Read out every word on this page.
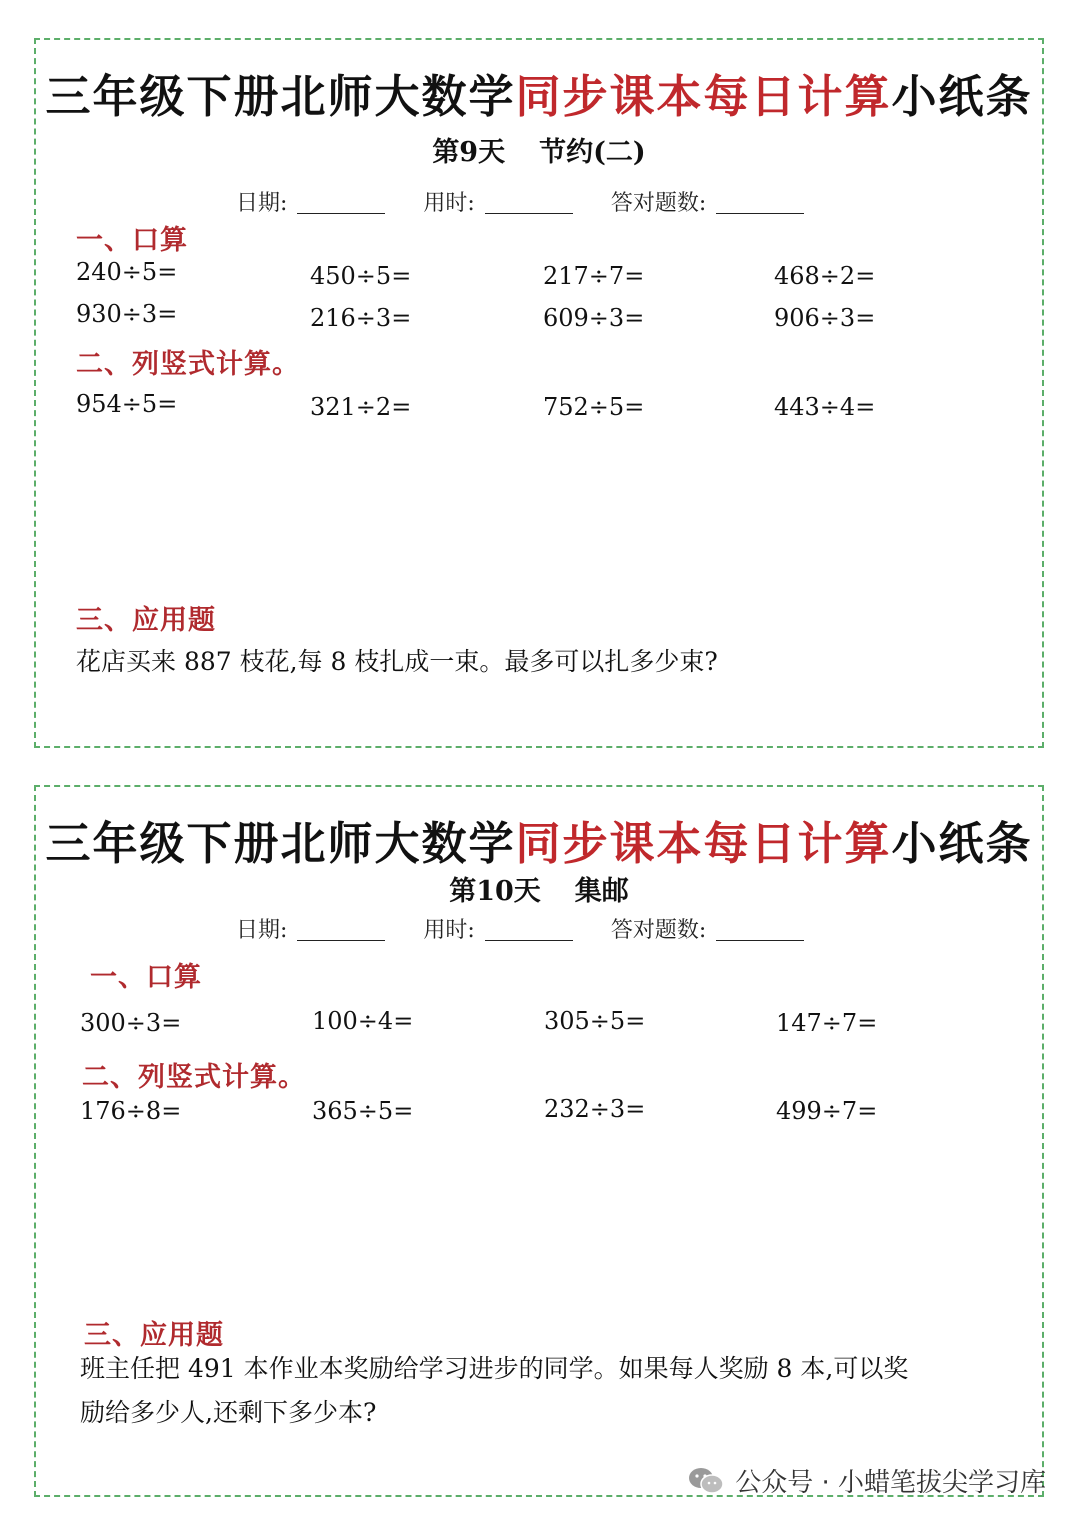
三年级下册北师大数学同步课本每日计算小纸条
第9天 节约(二)
日期:	用时:	答对题数:
一、口算
240÷5=	450÷5=	217÷7=	468÷2=
930÷3=	216÷3=	609÷3=	906÷3=
二、列竖式计算。
954÷5=	321÷2=	752÷5=	443÷4=
三、应用题
花店买来 887 枝花,每 8 枝扎成一束。最多可以扎多少束?
三年级下册北师大数学同步课本每日计算小纸条
第10天 集邮
日期:	用时:	答对题数:
一、口算
300÷3=	100÷4=	305÷5=	147÷7=
二、列竖式计算。
176÷8=	365÷5=	232÷3=	499÷7=
三、应用题
班主任把 491 本作业本奖励给学习进步的同学。如果每人奖励 8 本,可以奖
励给多少人,还剩下多少本?
公众号 · 小蜡笔拔尖学习库
